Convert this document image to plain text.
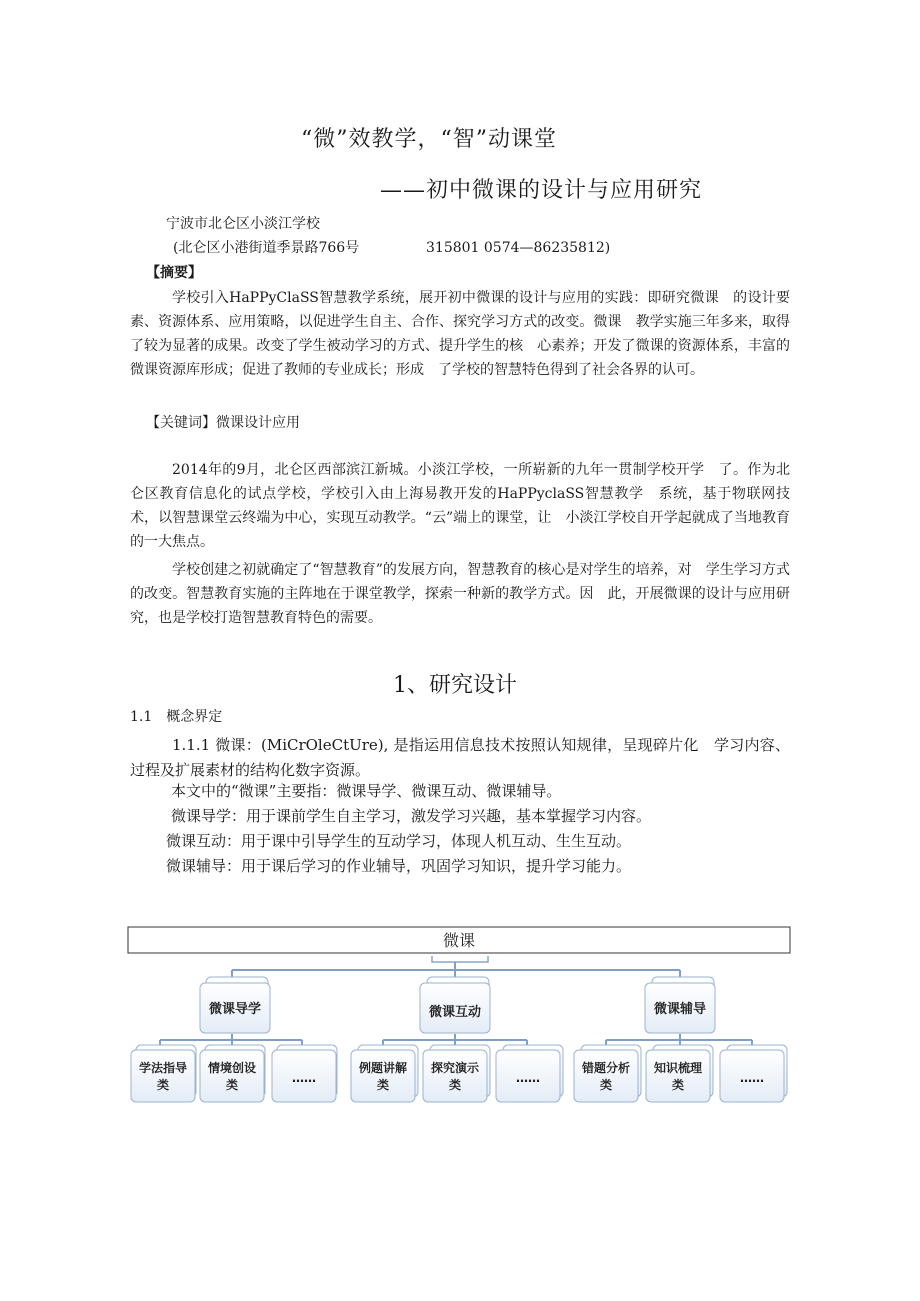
“微”效教学，“智”动课堂
——初中微课的设计与应用研究
宁波市北仑区小淡江学校
(北仑区小港街道季景路766号	315801 0574—86235812)
【摘要】
学校引入HaPPyClaSS智慧教学系统，展开初中微课的设计与应用的实践：即研究微课　的设计要素、资源体系、应用策略，以促进学生自主、合作、探究学习方式的改变。微课　教学实施三年多来，取得了较为显著的成果。改变了学生被动学习的方式、提升学生的核　心素养；开发了微课的资源体系，丰富的微课资源库形成；促进了教师的专业成长；形成　了学校的智慧特色得到了社会各界的认可。
【关键词】微课设计应用
2014年的9月，北仑区西部滨江新城。小淡江学校，一所崭新的九年一贯制学校开学　了。作为北仑区教育信息化的试点学校，学校引入由上海易教开发的HaPPyclaSS智慧教学　系统，基于物联网技术，以智慧课堂云终端为中心，实现互动教学。“云”端上的课堂，让　小淡江学校自开学起就成了当地教育的一大焦点。
学校创建之初就确定了“智慧教育”的发展方向，智慧教育的核心是对学生的培养，对　学生学习方式的改变。智慧教育实施的主阵地在于课堂教学，探索一种新的教学方式。因　此，开展微课的设计与应用研究，也是学校打造智慧教育特色的需要。
1、研究设计
1.1　概念界定
1.1.1 微课：(MiCrOleCtUre), 是指运用信息技术按照认知规律，呈现碎片化　学习内容、过程及扩展素材的结构化数字资源。
本文中的“微课”主要指：微课导学、微课互动、微课辅导。
微课导学：用于课前学生自主学习，激发学习兴趣，基本掌握学习内容。
微课互动：用于课中引导学生的互动学习，体现人机互动、生生互动。
微课辅导：用于课后学习的作业辅导，巩固学习知识，提升学习能力。
微课
微课导学	微课互动	微课辅导
学法指导类
情境创设类	……
例题讲解类
探究演示类	……
错题分析类
知识梳理类	……
